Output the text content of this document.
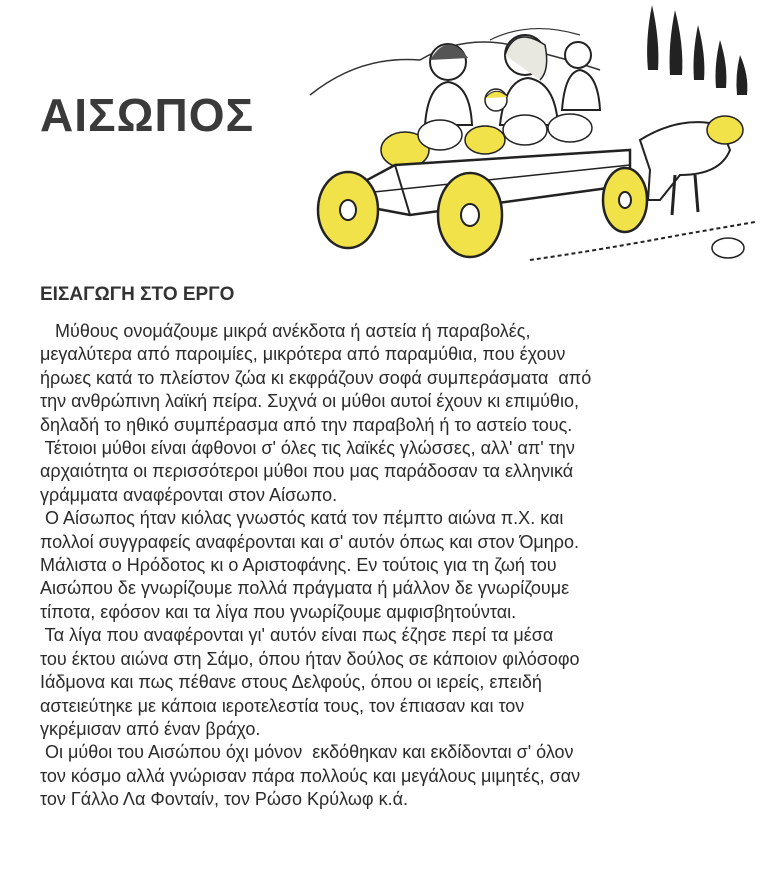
ΑΙΣΩΠΟΣ
ΕΙΣΑΓΩΓΗ ΣΤΟ ΕΡΓΟ

Μύθους ονομάζουμε μικρά ανέκδοτα ή αστεία ή παραβολές,
μεγαλύτερα από παροιμίες, μικρότερα από παραμύθια, που έχουν
ήρωες κατά το πλείστον ζώα κι εκφράζουν σοφά συμπεράσματα  από
την ανθρώπινη λαϊκή πείρα. Συχνά οι μύθοι αυτοί έχουν κι επιμύθιο,
δηλαδή το ηθικό συμπέρασμα από την παραβολή ή το αστείο τους.

Τέτοιοι μύθοι είναι άφθονοι σ' όλες τις λαϊκές γλώσσες, αλλ' απ' την
αρχαιότητα οι περισσότεροι μύθοι που μας παράδοσαν τα ελληνικά
γράμματα αναφέρονται στον Αίσωπο.

Ο Αίσωπος ήταν κιόλας γνωστός κατά τον πέμπτο αιώνα π.Χ. και
πολλοί συγγραφείς αναφέρονται και σ' αυτόν όπως και στον Όμηρο.
Μάλιστα ο Ηρόδοτος κι ο Αριστοφάνης. Εν τούτοις για τη ζωή του
Αισώπου δε γνωρίζουμε πολλά πράγματα ή μάλλον δε γνωρίζουμε
τίποτα, εφόσον και τα λίγα που γνωρίζουμε αμφισβητούνται.

Τα λίγα που αναφέρονται γι' αυτόν είναι πως έζησε περί τα μέσα
του έκτου αιώνα στη Σάμο, όπου ήταν δούλος σε κάποιον φιλόσοφο
Ιάδμονα και πως πέθανε στους Δελφούς, όπου οι ιερείς, επειδή
αστειεύτηκε με κάποια ιεροτελεστία τους, τον έπιασαν και τον
γκρέμισαν από έναν βράχο.

Οι μύθοι του Αισώπου όχι μόνον  εκδόθηκαν και εκδίδονται σ' όλον
τον κόσμο αλλά γνώρισαν πάρα πολλούς και μεγάλους μιμητές, σαν
τον Γάλλο Λα Φονταίν, τον Ρώσο Κρύλωφ κ.ά.
